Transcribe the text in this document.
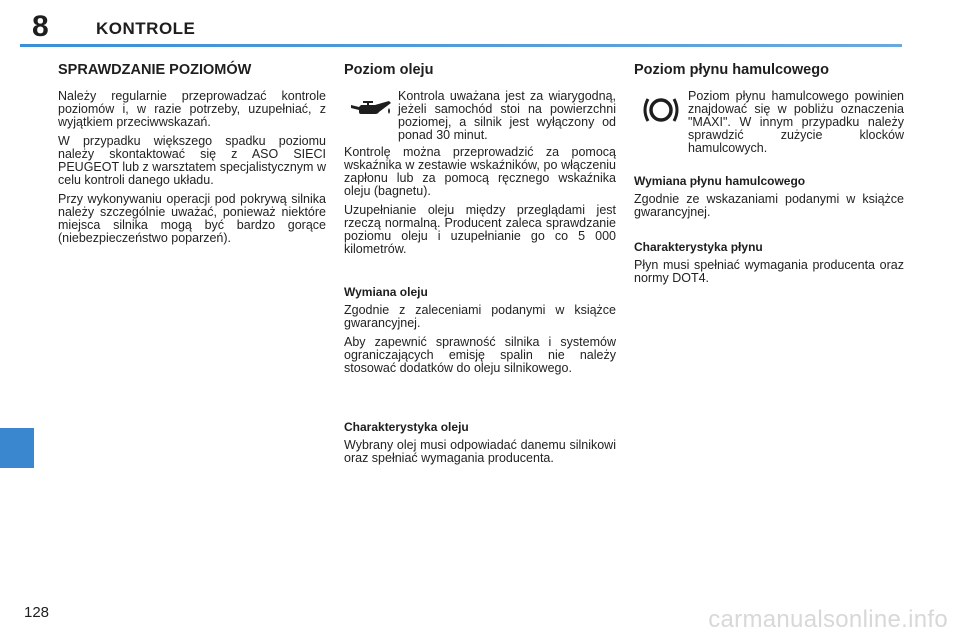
8	KONTROLE
SPRAWDZANIE POZIOMÓW

Należy regularnie przeprowadzać kontrole poziomów i, w razie potrzeby, uzupełniać, z wyjątkiem przeciwwskazań.

W przypadku większego spadku poziomu należy skontaktować się z ASO SIECI PEUGEOT lub z warsztatem specjalistycznym w celu kontroli danego układu.

Przy wykonywaniu operacji pod pokrywą silnika należy szczególnie uważać, ponieważ niektóre miejsca silnika mogą być bardzo gorące (niebezpieczeństwo poparzeń).

Poziom oleju

Kontrola uważana jest za wiarygodną, jeżeli samochód stoi na powierzchni poziomej, a silnik jest wyłączony od ponad 30 minut.

Kontrolę można przeprowadzić za pomocą wskaźnika w zestawie wskaźników, po włączeniu zapłonu lub za pomocą ręcznego wskaźnika oleju (bagnetu).

Uzupełnianie oleju między przeglądami jest rzeczą normalną. Producent zaleca sprawdzanie poziomu oleju i uzupełnianie go co 5 000 kilometrów.

Wymiana oleju

Zgodnie z zaleceniami podanymi w książce gwarancyjnej.

Aby zapewnić sprawność silnika i systemów ograniczających emisję spalin nie należy stosować dodatków do oleju silnikowego.

Charakterystyka oleju

Wybrany olej musi odpowiadać danemu silnikowi oraz spełniać wymagania producenta.

Poziom płynu hamulcowego

Poziom płynu hamulcowego powinien znajdować się w pobliżu oznaczenia "MAXI". W innym przypadku należy sprawdzić zużycie klocków hamulcowych.

Wymiana płynu hamulcowego

Zgodnie ze wskazaniami podanymi w książce gwarancyjnej.

Charakterystyka płynu

Płyn musi spełniać wymagania producenta oraz normy DOT4.

128	carmanualsonline.info
